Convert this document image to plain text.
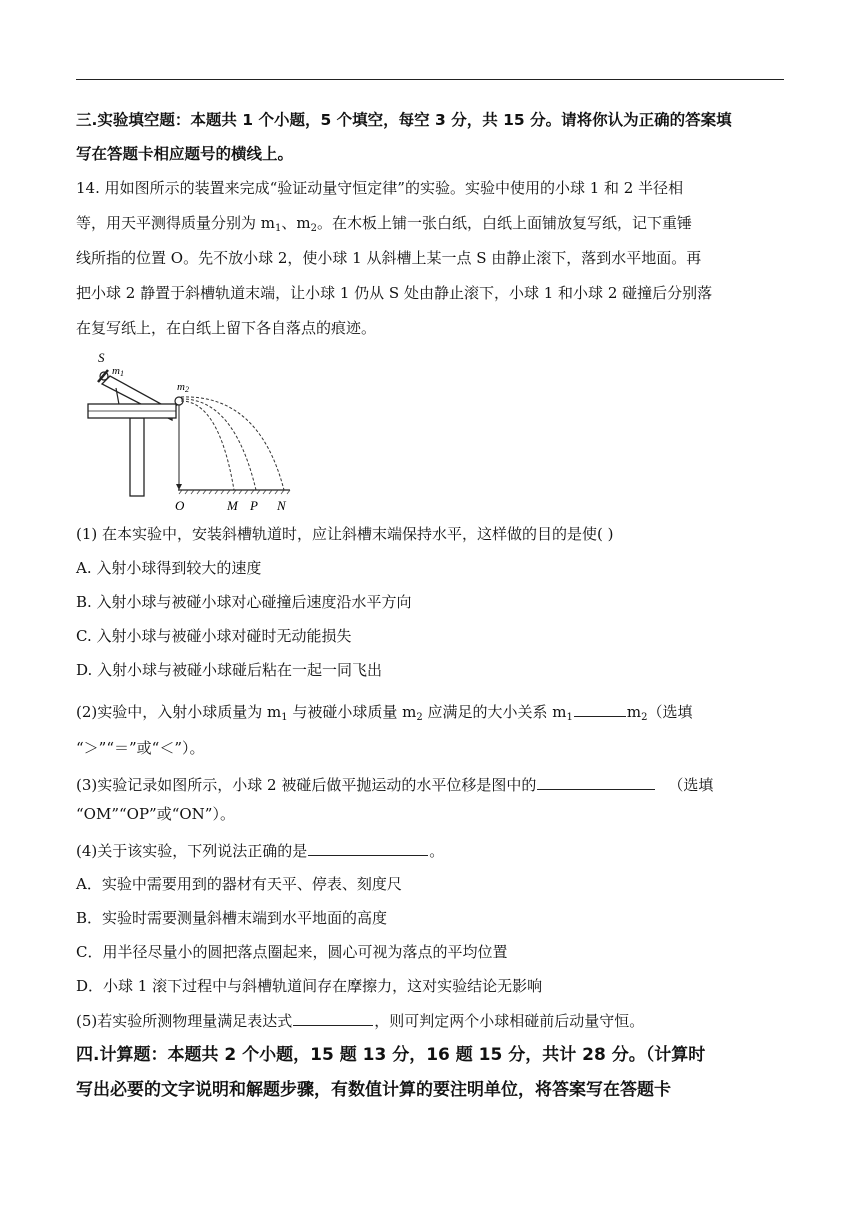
三.实验填空题：本题共 1 个小题，5 个填空，每空 3 分，共 15 分。请将你认为正确的答案填
写在答题卡相应题号的横线上。
14. 用如图所示的装置来完成“验证动量守恒定律”的实验。实验中使用的小球 1 和 2 半径相
等，用天平测得质量分别为 $m_1$、$m_2$。在木板上铺一张白纸，白纸上面铺放复写纸，记下重锤
线所指的位置 O。先不放小球 2，使小球 1 从斜槽上某一点 S 由静止滚下，落到水平地面。再
把小球 2 静置于斜槽轨道末端，让小球 1 仍从 S 处由静止滚下，小球 1 和小球 2 碰撞后分别落
在复写纸上，在白纸上留下各自落点的痕迹。
S
m1
m2
O	M P N
(1) 在本实验中，安装斜槽轨道时，应让斜槽末端保持水平，这样做的目的是使( )
A. 入射小球得到较大的速度
B. 入射小球与被碰小球对心碰撞后速度沿水平方向
C. 入射小球与被碰小球对碰时无动能损失
D. 入射小球与被碰小球碰后粘在一起一同飞出
(2)实验中，入射小球质量为 $m_1$ 与被碰小球质量 $m_2$ 应满足的大小关系 $m_1$	$m_2$（选填
“＞”“＝”或“＜”）。
(3)实验记录如图所示，小球 2 被碰后做平抛运动的水平位移是图中的	（选填
“OM”“OP”或“ON”）。
(4)关于该实验，下列说法正确的是	。
A．实验中需要用到的器材有天平、停表、刻度尺
B．实验时需要测量斜槽末端到水平地面的高度
C．用半径尽量小的圆把落点圈起来，圆心可视为落点的平均位置
D．小球 1 滚下过程中与斜槽轨道间存在摩擦力，这对实验结论无影响
(5)若实验所测物理量满足表达式	，则可判定两个小球相碰前后动量守恒。
四.计算题：本题共 2 个小题，15 题 13 分，16 题 15 分，共计 28 分。（计算时
写出必要的文字说明和解题步骤，有数值计算的要注明单位，将答案写在答题卡
